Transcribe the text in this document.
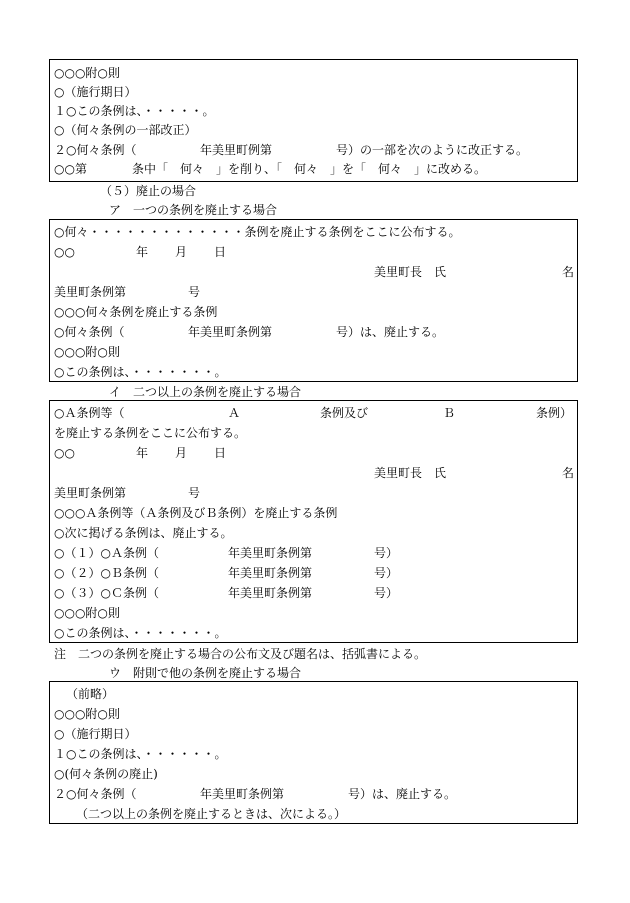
○○○附○則
○（施行期日）
１○この条例は、・・・・・。
○（何々条例の一部改正）
２○何々条例（	年美里町例第	号）の一部を次のように改正する。
○○第	条中「　何々　」を削り、「　何々　」を「　何々　」に改める。
（５）廃止の場合
ア　一つの条例を廃止する場合
○何々・・・・・・・・・・・・・条例を廃止する条例をここに公布する。
○○	年 月 日
美里町長　氏	名
美里町条例第	号
○○○何々条例を廃止する条例
○何々条例（	年美里町条例第	号）は、廃止する。
○○○附○則
○この条例は、・・・・・・・。
イ　二つ以上の条例を廃止する場合
○Ａ条例等（	Ａ	条例及び	Ｂ	条例）
を廃止する条例をここに公布する。
○○	年 月 日
美里町長　氏	名
美里町条例第	号
○○○Ａ条例等（Ａ条例及びＢ条例）を廃止する条例
○次に掲げる条例は、廃止する。
○（１）○Ａ条例（	年美里町条例第	号）
○（２）○Ｂ条例（	年美里町条例第	号）
○（３）○Ｃ条例（	年美里町条例第	号）
○○○附○則
○この条例は、・・・・・・・。
注　二つの条例を廃止する場合の公布文及び題名は、括弧書による。
ウ　附則で他の条例を廃止する場合
（前略）
○○○附○則
○（施行期日）
１○この条例は、・・・・・・。
○(何々条例の廃止)
２○何々条例（	年美里町条例第	号）は、廃止する。
（二つ以上の条例を廃止するときは、次による。）
